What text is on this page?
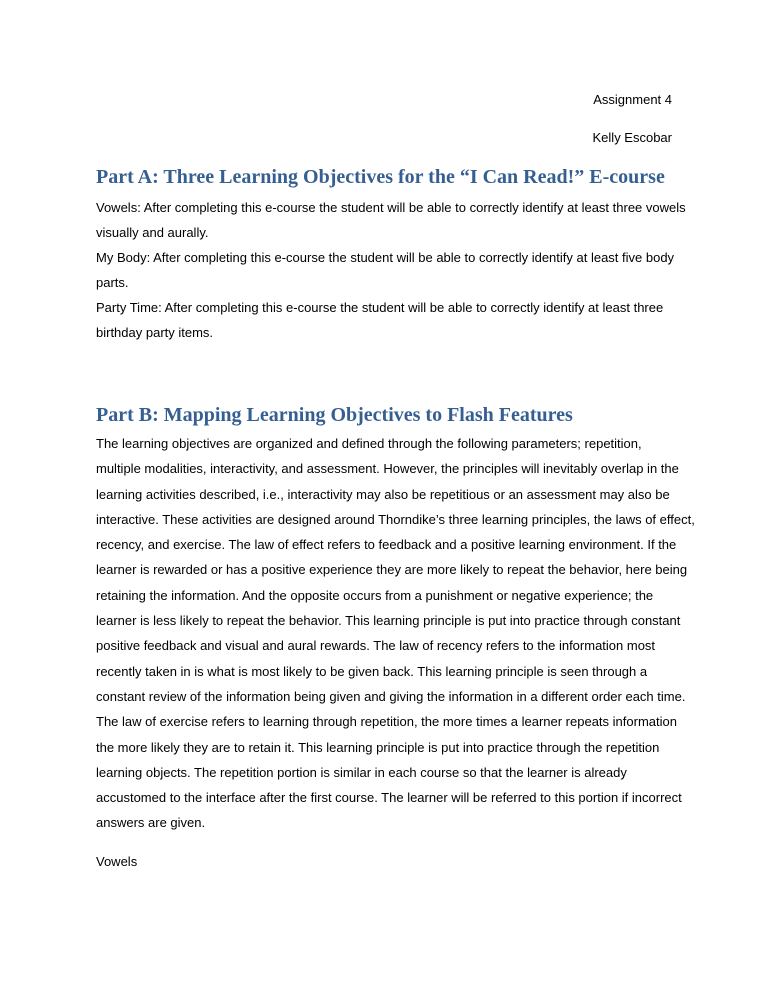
Assignment 4
Kelly Escobar
Part A: Three Learning Objectives for the “I Can Read!” E-course
Vowels: After completing this e-course the student will be able to correctly identify at least three vowels
visually and aurally.
My Body: After completing this e-course the student will be able to correctly identify at least five body
parts.
Party Time: After completing this e-course the student will be able to correctly identify at least three
birthday party items.
Part B: Mapping Learning Objectives to Flash Features
The learning objectives are organized and defined through the following parameters; repetition,
multiple modalities, interactivity, and assessment. However, the principles will inevitably overlap in the
learning activities described, i.e., interactivity may also be repetitious or an assessment may also be
interactive. These activities are designed around Thorndike’s three learning principles, the laws of effect,
recency, and exercise. The law of effect refers to feedback and a positive learning environment. If the
learner is rewarded or has a positive experience they are more likely to repeat the behavior, here being
retaining the information. And the opposite occurs from a punishment or negative experience; the
learner is less likely to repeat the behavior. This learning principle is put into practice through constant
positive feedback and visual and aural rewards. The law of recency refers to the information most
recently taken in is what is most likely to be given back. This learning principle is seen through a
constant review of the information being given and giving the information in a different order each time.
The law of exercise refers to learning through repetition, the more times a learner repeats information
the more likely they are to retain it. This learning principle is put into practice through the repetition
learning objects. The repetition portion is similar in each course so that the learner is already
accustomed to the interface after the first course. The learner will be referred to this portion if incorrect
answers are given.
Vowels
